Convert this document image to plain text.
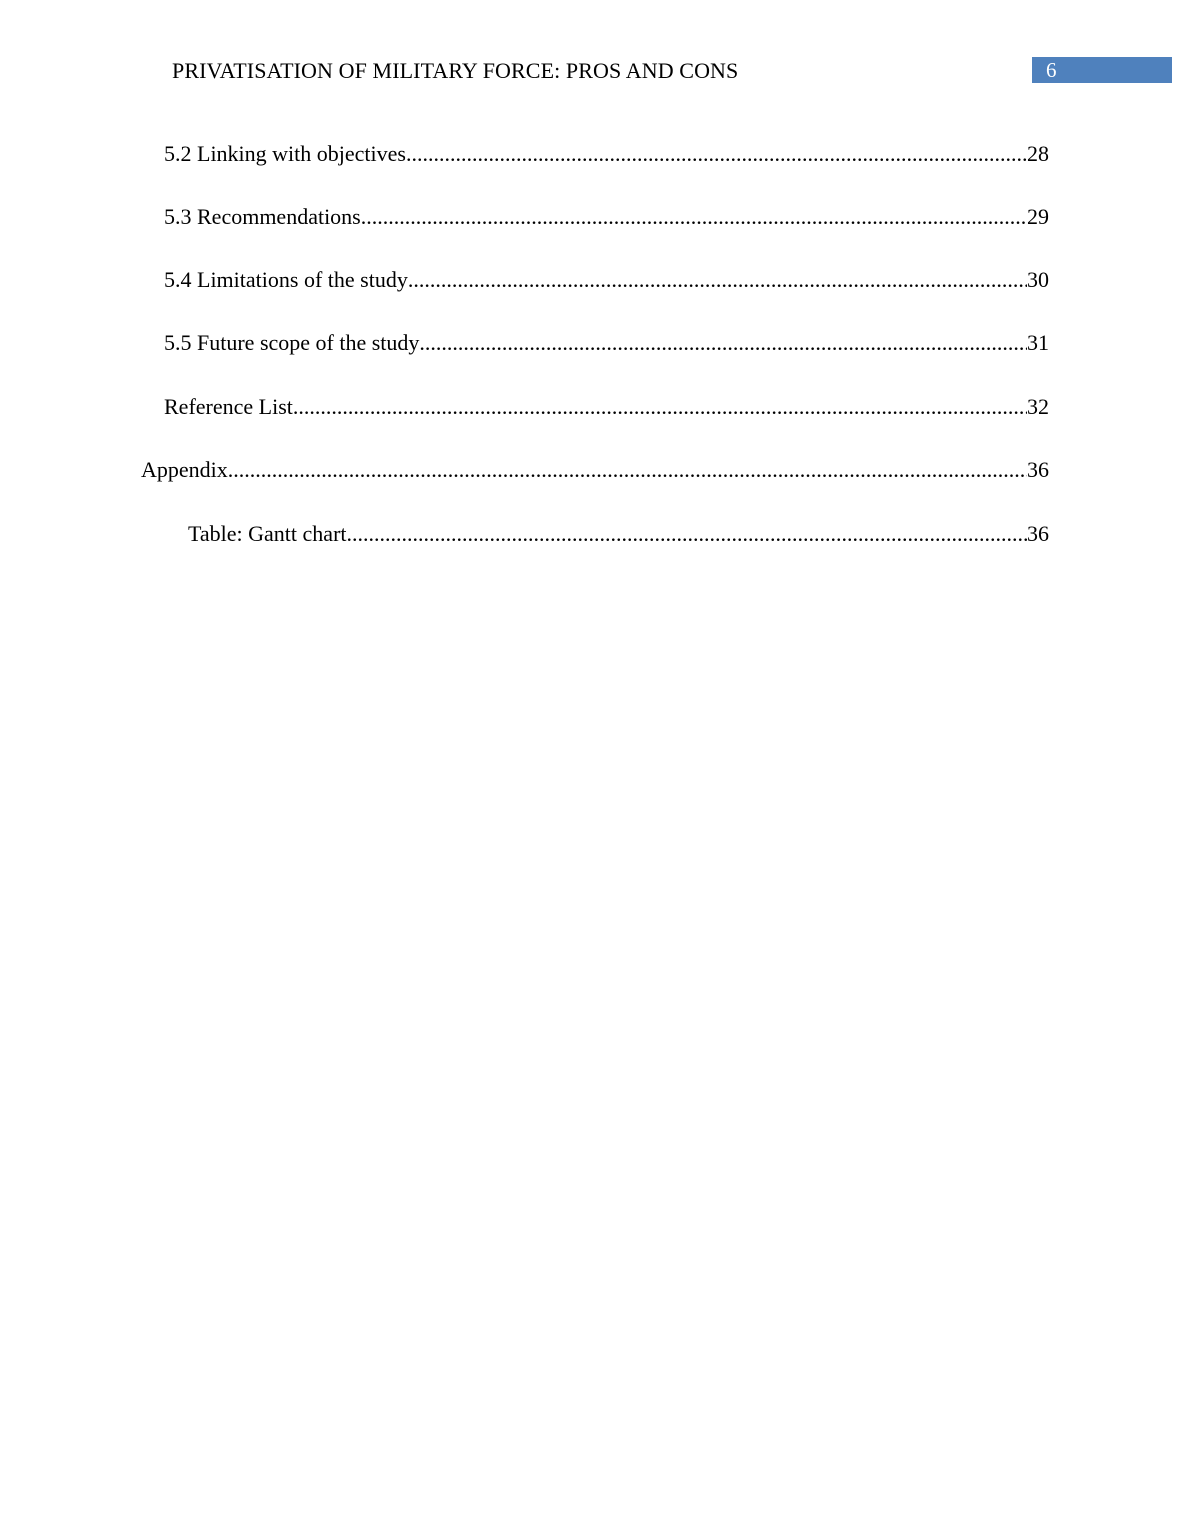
PRIVATISATION OF MILITARY FORCE: PROS AND CONS	6
5.2 Linking with objectives .....	28
5.3 Recommendations .....	29
5.4 Limitations of the study .....	30
5.5 Future scope of the study .....	31
Reference List .....	32
Appendix .....	36
Table: Gantt chart .....	36
